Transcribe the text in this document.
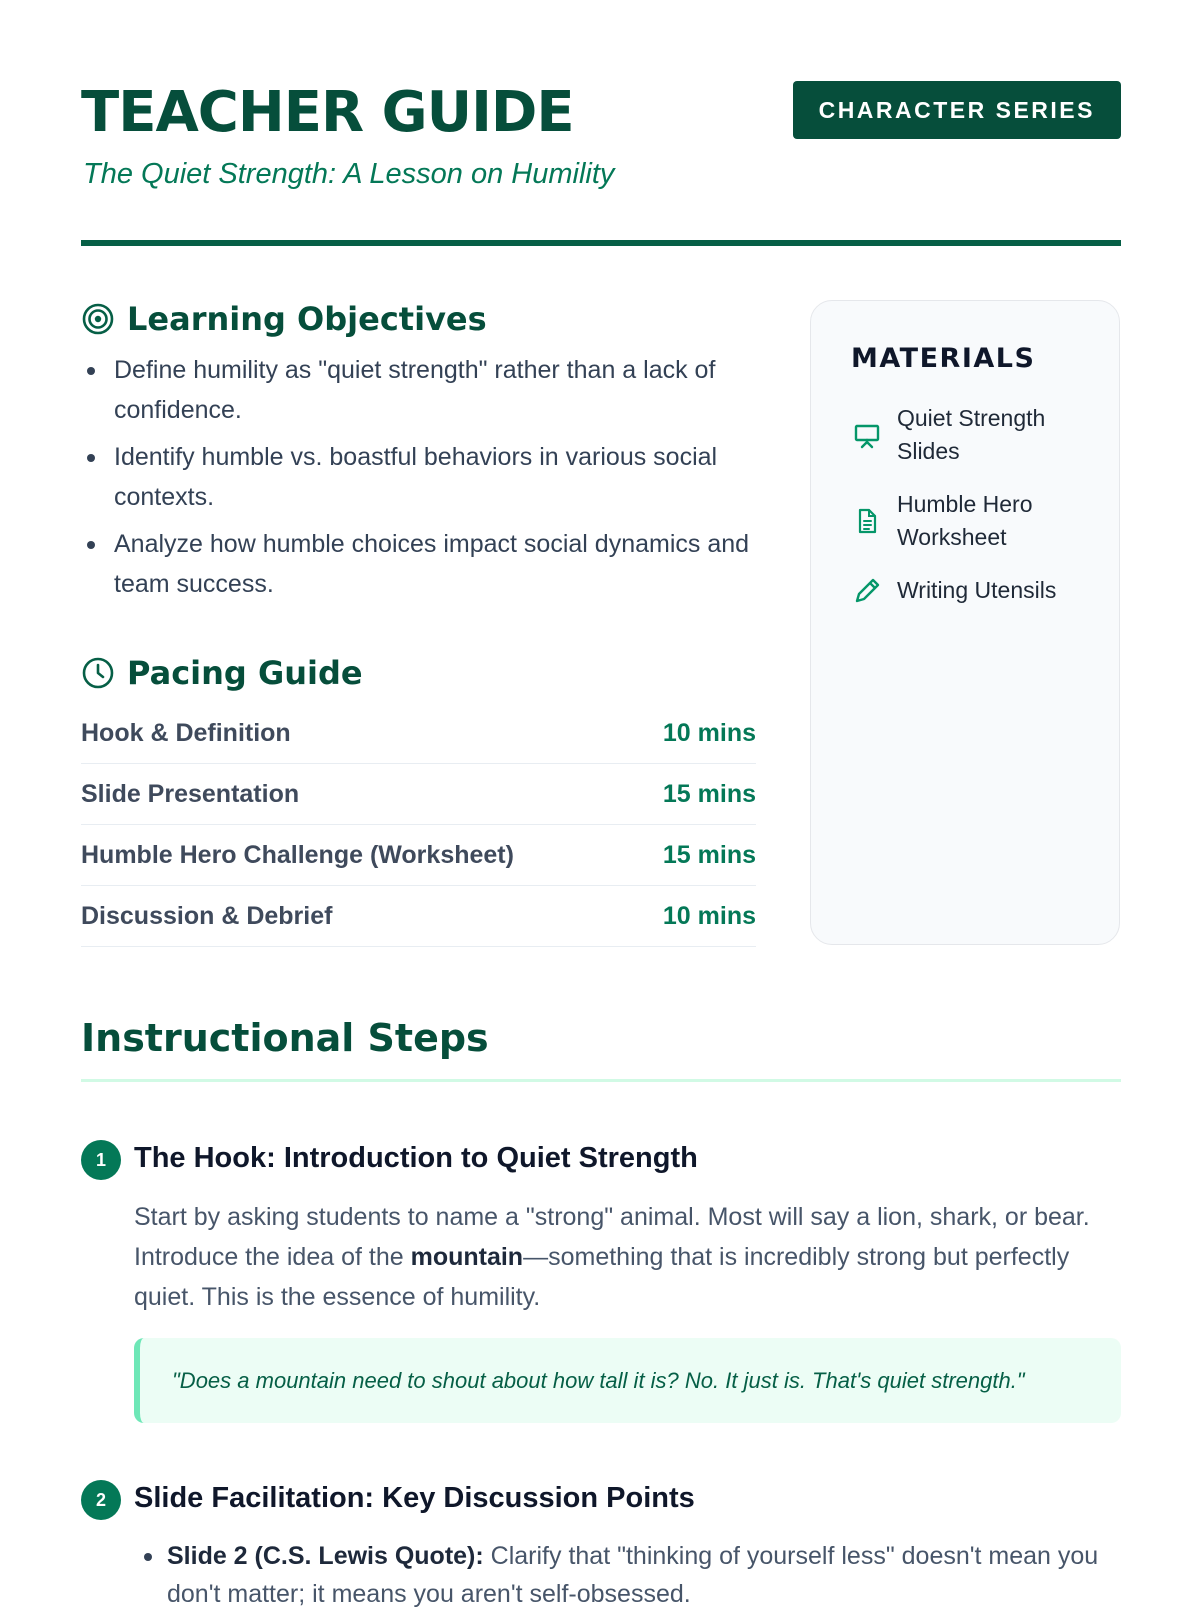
TEACHER GUIDE

The Quiet Strength: A Lesson on Humility

CHARACTER SERIES
Learning Objectives
Define humility as "quiet strength" rather than a lack of confidence.
Identify humble vs. boastful behaviors in various social contexts.
Analyze how humble choices impact social dynamics and team success.
Pacing Guide
Hook & Definition	10 mins
Slide Presentation	15 mins
Humble Hero Challenge (Worksheet)	15 mins
Discussion & Debrief	10 mins
MATERIALS
Quiet Strength Slides
Humble Hero Worksheet
Writing Utensils
Instructional Steps
1 The Hook: Introduction to Quiet Strength

Start by asking students to name a "strong" animal. Most will say a lion, shark, or bear. Introduce the idea of the mountain—something that is incredibly strong but perfectly quiet. This is the essence of humility.

"Does a mountain need to shout about how tall it is? No. It just is. That's quiet strength."
2 Slide Facilitation: Key Discussion Points
Slide 2 (C.S. Lewis Quote): Clarify that "thinking of yourself less" doesn't mean you don't matter; it means you aren't self-obsessed.
